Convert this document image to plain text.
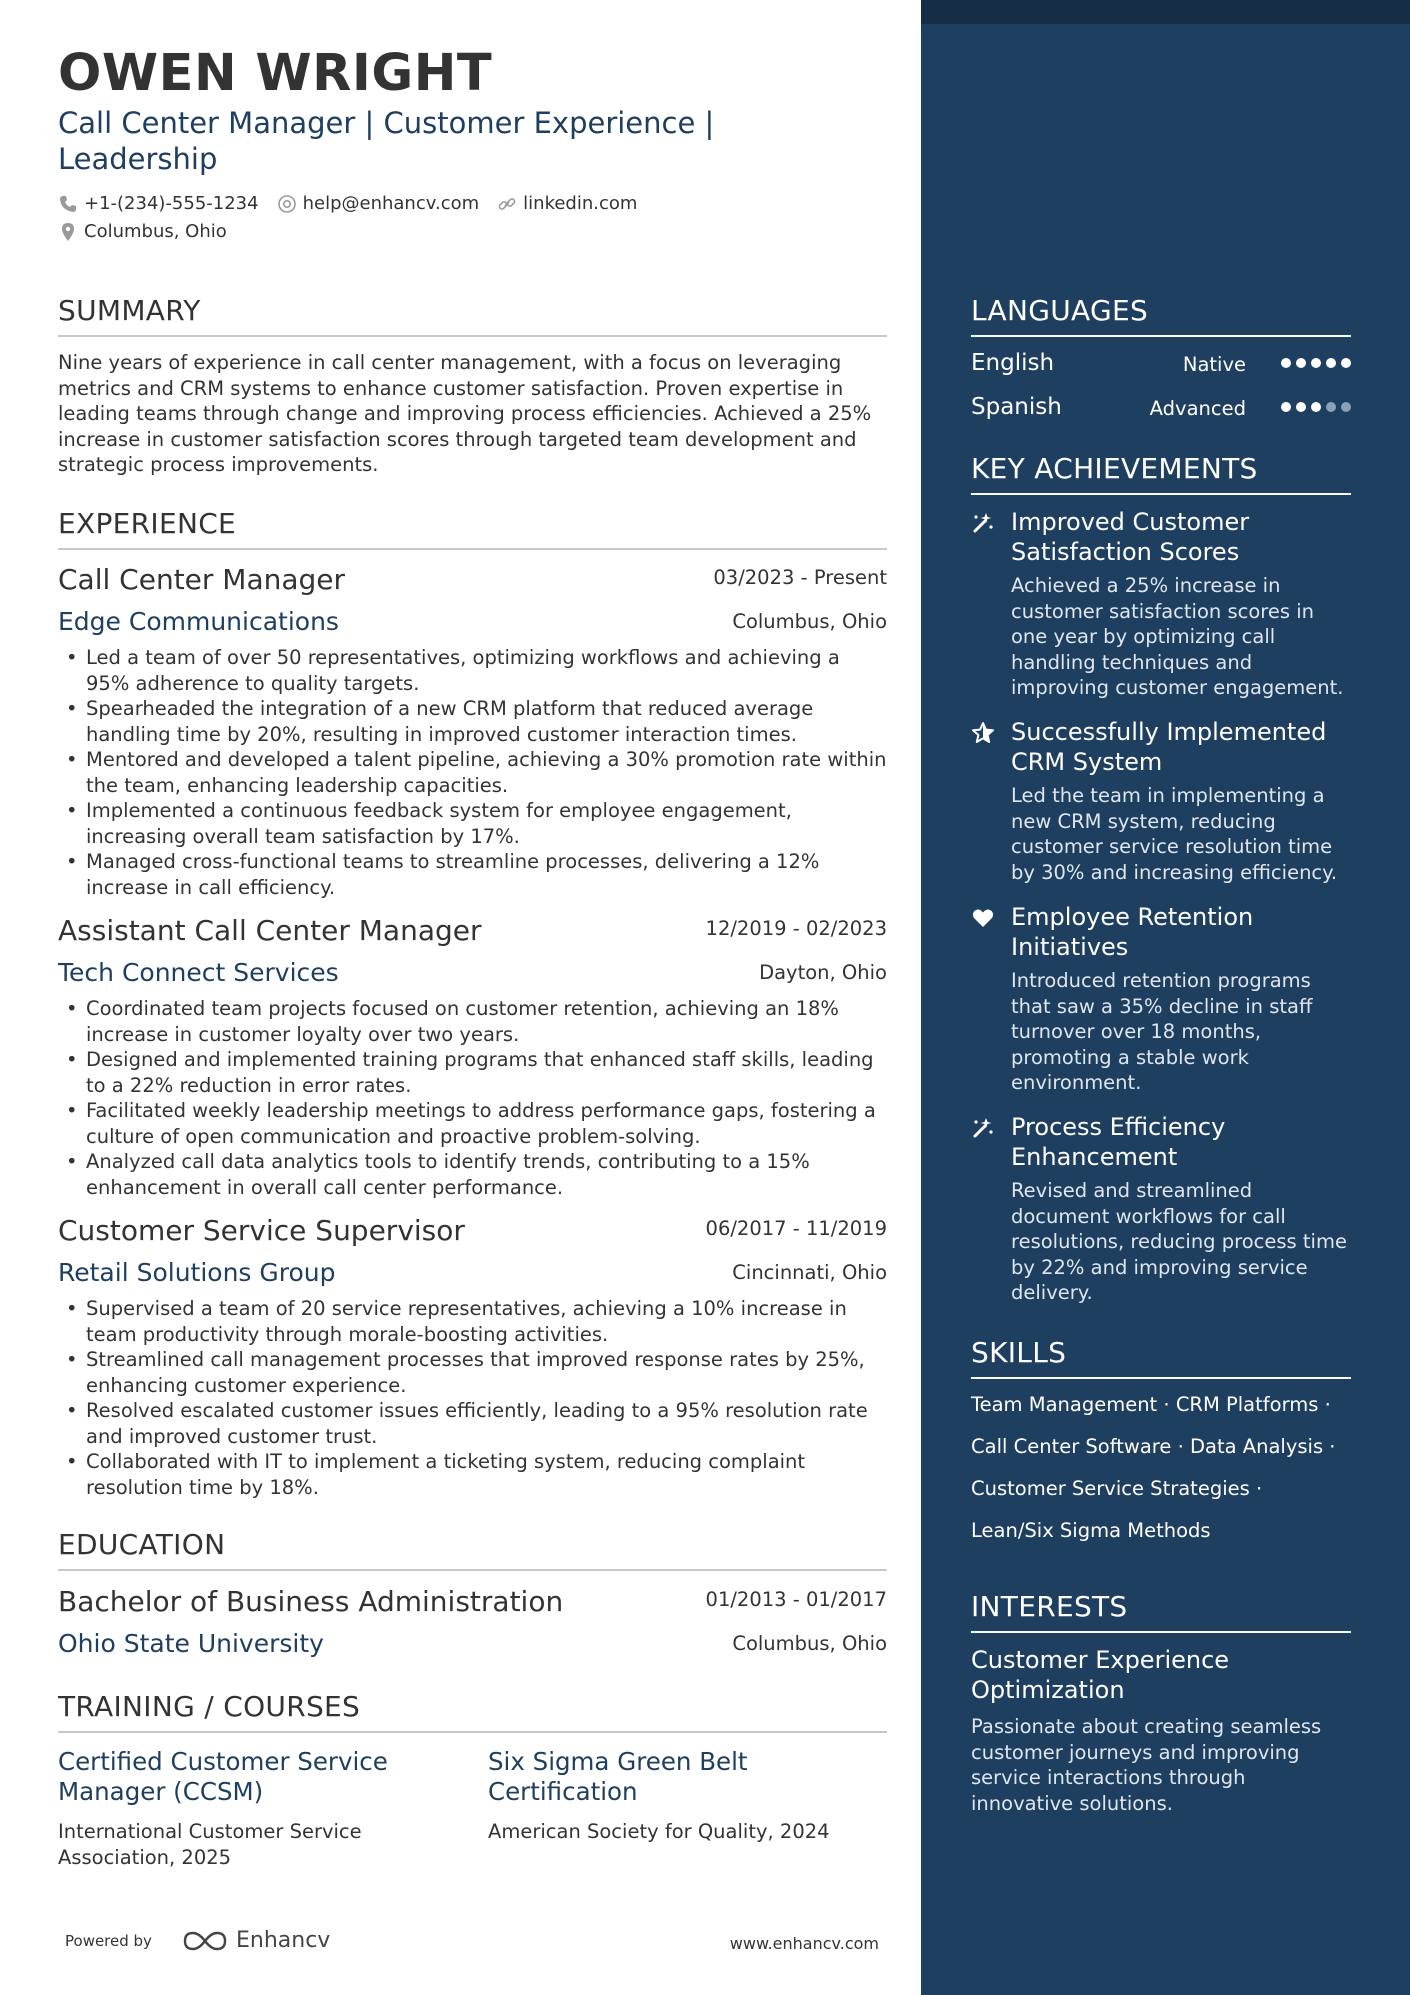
OWEN WRIGHT
Call Center Manager | Customer Experience | Leadership
+1-(234)-555-1234 help@enhancv.com linkedin.com
Columbus, Ohio
SUMMARY
Nine years of experience in call center management, with a focus on leveraging metrics and CRM systems to enhance customer satisfaction. Proven expertise in leading teams through change and improving process efficiencies. Achieved a 25% increase in customer satisfaction scores through targeted team development and strategic process improvements.
EXPERIENCE
Call Center Manager	03/2023 - Present
Edge Communications	Columbus, Ohio
• Led a team of over 50 representatives, optimizing workflows and achieving a 95% adherence to quality targets.
• Spearheaded the integration of a new CRM platform that reduced average handling time by 20%, resulting in improved customer interaction times.
• Mentored and developed a talent pipeline, achieving a 30% promotion rate within the team, enhancing leadership capacities.
• Implemented a continuous feedback system for employee engagement, increasing overall team satisfaction by 17%.
• Managed cross-functional teams to streamline processes, delivering a 12% increase in call efficiency.
Assistant Call Center Manager	12/2019 - 02/2023
Tech Connect Services	Dayton, Ohio
• Coordinated team projects focused on customer retention, achieving an 18% increase in customer loyalty over two years.
• Designed and implemented training programs that enhanced staff skills, leading to a 22% reduction in error rates.
• Facilitated weekly leadership meetings to address performance gaps, fostering a culture of open communication and proactive problem-solving.
• Analyzed call data analytics tools to identify trends, contributing to a 15% enhancement in overall call center performance.
Customer Service Supervisor	06/2017 - 11/2019
Retail Solutions Group	Cincinnati, Ohio
• Supervised a team of 20 service representatives, achieving a 10% increase in team productivity through morale-boosting activities.
• Streamlined call management processes that improved response rates by 25%, enhancing customer experience.
• Resolved escalated customer issues efficiently, leading to a 95% resolution rate and improved customer trust.
• Collaborated with IT to implement a ticketing system, reducing complaint resolution time by 18%.
EDUCATION
Bachelor of Business Administration	01/2013 - 01/2017
Ohio State University	Columbus, Ohio
TRAINING / COURSES
Certified Customer Service Manager (CCSM)
International Customer Service Association, 2025
Six Sigma Green Belt Certification
American Society for Quality, 2024
Powered by	Enhancv	www.enhancv.com
LANGUAGES
English	Native
Spanish	Advanced
KEY ACHIEVEMENTS
Improved Customer Satisfaction Scores
Achieved a 25% increase in customer satisfaction scores in one year by optimizing call handling techniques and improving customer engagement.
Successfully Implemented CRM System
Led the team in implementing a new CRM system, reducing customer service resolution time by 30% and increasing efficiency.
Employee Retention Initiatives
Introduced retention programs that saw a 35% decline in staff turnover over 18 months, promoting a stable work environment.
Process Efficiency Enhancement
Revised and streamlined document workflows for call resolutions, reducing process time by 22% and improving service delivery.
SKILLS
Team Management · CRM Platforms ·
Call Center Software · Data Analysis ·
Customer Service Strategies ·
Lean/Six Sigma Methods
INTERESTS
Customer Experience Optimization
Passionate about creating seamless customer journeys and improving service interactions through innovative solutions.
